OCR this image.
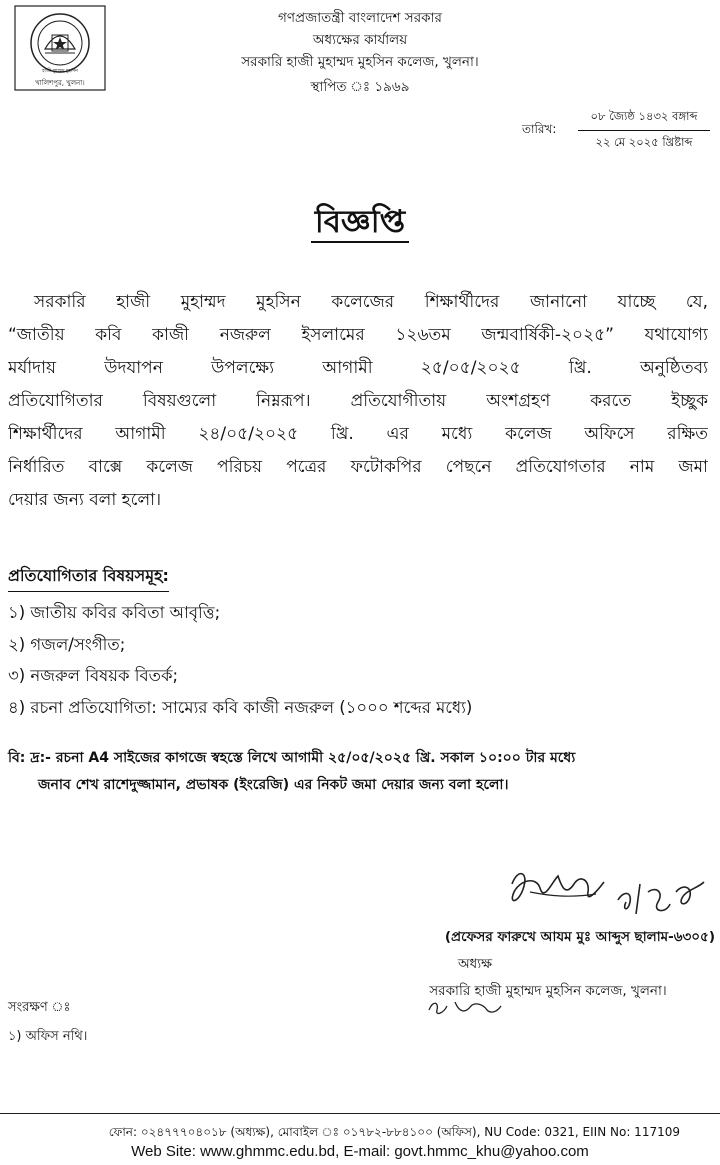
হাজী মুহাম্মদ মুহসিন
খালিশপুর, খুলনা।
গণপ্রজাতন্ত্রী বাংলাদেশ সরকার
অধ্যক্ষের কার্যালয়
সরকারি হাজী মুহাম্মদ মুহসিন কলেজ, খুলনা।
স্থাপিত ঃ ১৯৬৯
তারিখ:
০৮ জ্যৈষ্ঠ ১৪৩২ বঙ্গাব্দ
২২ মে ২০২৫ খ্রিষ্টাব্দ
বিজ্ঞপ্তি
সরকারি হাজী মুহাম্মদ মুহসিন কলেজের শিক্ষার্থীদের জানানো যাচ্ছে যে,
“জাতীয় কবি কাজী নজরুল ইসলামের ১২৬তম জন্মবার্ষিকী-২০২৫” যথাযোগ্য
মর্যাদায় উদযাপন উপলক্ষ্যে আগামী ২৫/০৫/২০২৫ খ্রি. অনুষ্ঠিতব্য
প্রতিযোগিতার বিষয়গুলো নিম্নরূপ। প্রতিযোগীতায় অংশগ্রহণ করতে ইচ্ছুক
শিক্ষার্থীদের আগামী ২৪/০৫/২০২৫ খ্রি. এর মধ্যে কলেজ অফিসে রক্ষিত
নির্ধারিত বাক্সে কলেজ পরিচয় পত্রের ফটোকপির পেছনে প্রতিযোগতার নাম জমা
দেয়ার জন্য বলা হলো।
প্রতিযোগিতার বিষয়সমূহ:
১) জাতীয় কবির কবিতা আবৃত্তি;
২) গজল/সংগীত;
৩) নজরুল বিষয়ক বিতর্ক;
৪) রচনা প্রতিযোগিতা: সাম্যের কবি কাজী নজরুল (১০০০ শব্দের মধ্যে)
বি: দ্র:- রচনা A4 সাইজের কাগজে স্বহস্তে লিখে আগামী ২৫/০৫/২০২৫ খ্রি. সকাল ১০:০০ টার মধ্যে
জনাব শেখ রাশেদুজ্জামান, প্রভাষক (ইংরেজি) এর নিকট জমা দেয়ার জন্য বলা হলো।
(প্রফেসর ফারুখে আযম মুঃ আব্দুস ছালাম-৬৩০৫)
অধ্যক্ষ
সরকারি হাজী মুহাম্মদ মুহসিন কলেজ, খুলনা।
সংরক্ষণ ঃ
১) অফিস নথি।
ফোন: ০২৪৭৭৭০৪০১৮ (অধ্যক্ষ), মোবাইল ঃ ০১৭৮২-৮৮৪১০০ (অফিস), NU Code: 0321, EIIN No: 117109
Web Site: www.ghmmc.edu.bd, E-mail: govt.hmmc_khu@yahoo.com
